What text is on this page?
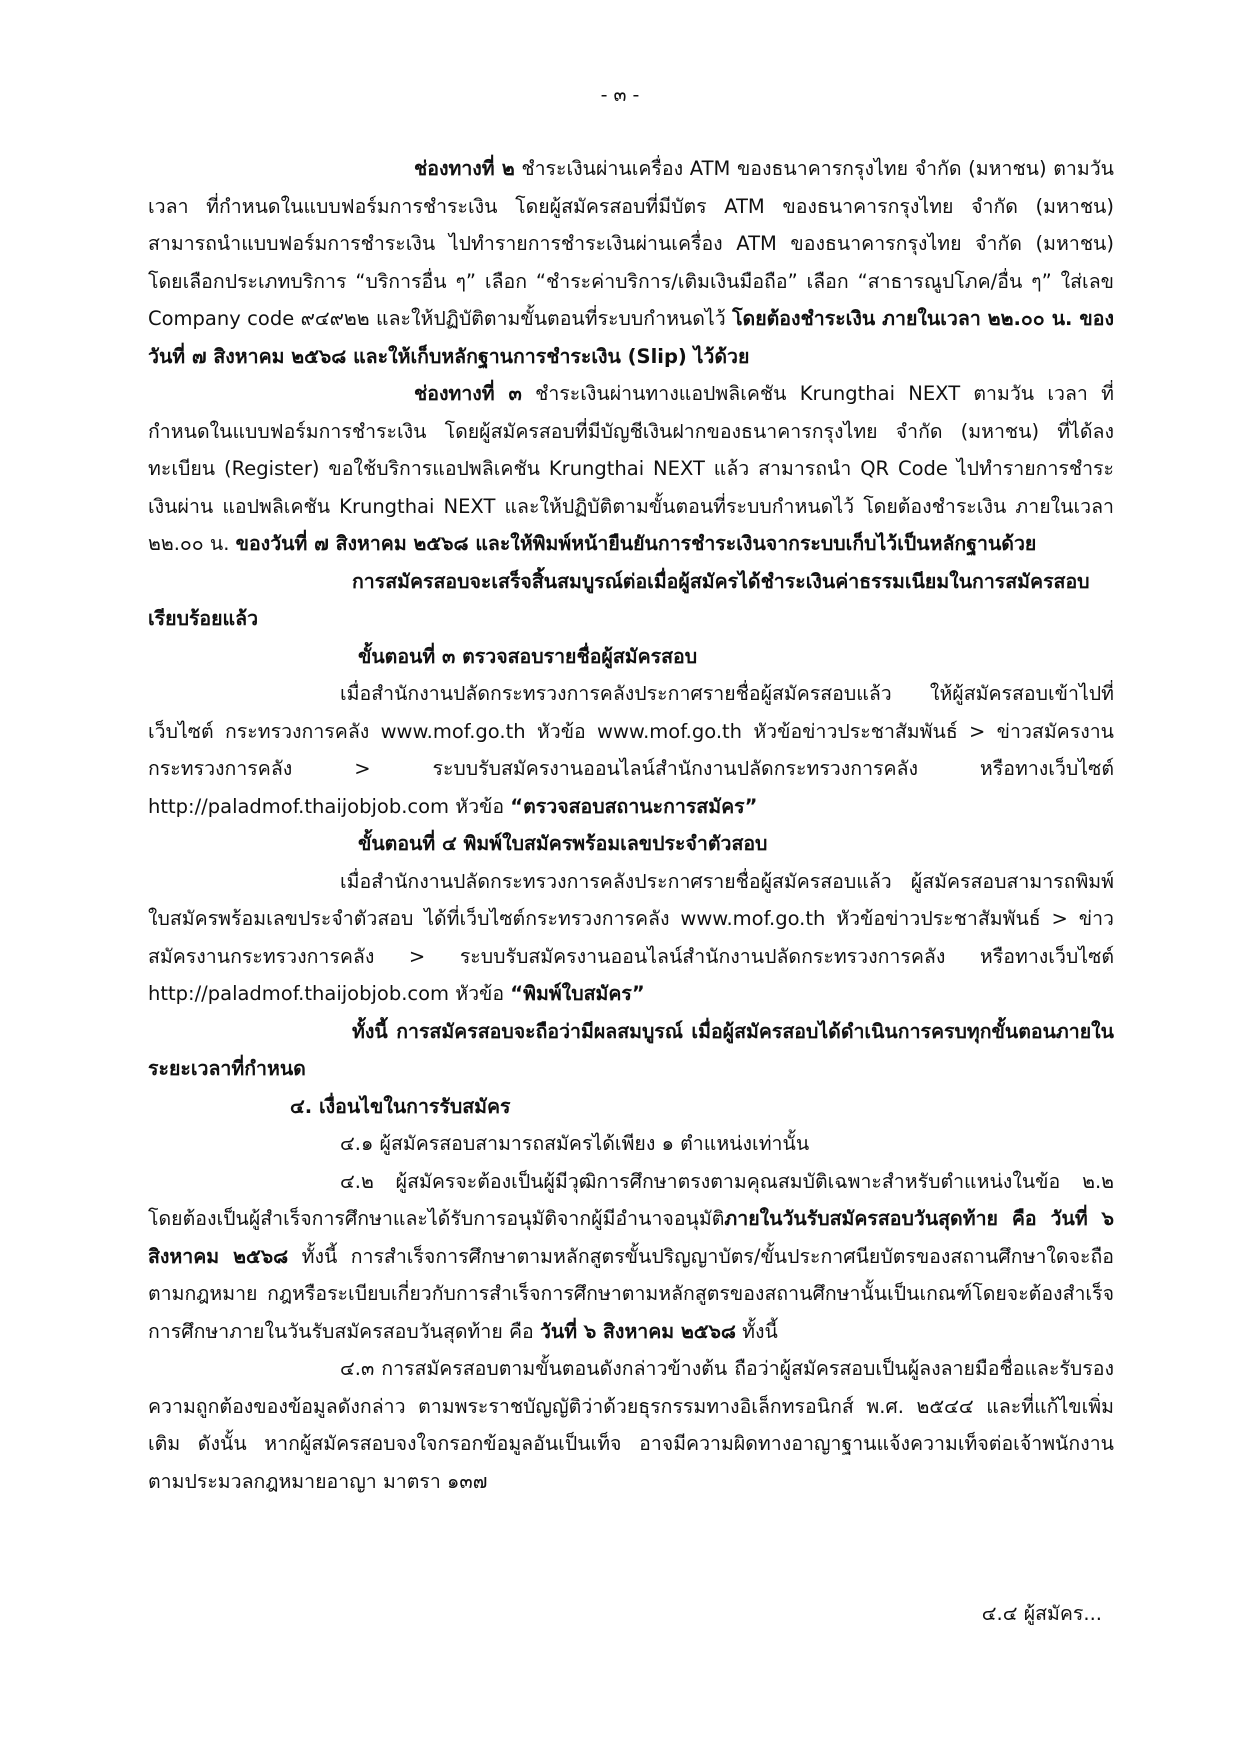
- ๓ -

ช่องทางที่ ๒ ชำระเงินผ่านเครื่อง ATM ของธนาคารกรุงไทย จำกัด (มหาชน) ตามวัน เวลา ที่กำหนดในแบบฟอร์มการชำระเงิน โดยผู้สมัครสอบที่มีบัตร ATM ของธนาคารกรุงไทย จำกัด (มหาชน) สามารถนำแบบฟอร์มการชำระเงิน ไปทำรายการชำระเงินผ่านเครื่อง ATM ของธนาคารกรุงไทย จำกัด (มหาชน) โดยเลือกประเภทบริการ “บริการอื่น ๆ” เลือก “ชำระค่าบริการ/เติมเงินมือถือ” เลือก “สาธารณูปโภค/อื่น ๆ” ใส่เลข Company code ๙๔๙๒๒ และให้ปฏิบัติตามขั้นตอนที่ระบบกำหนดไว้ โดยต้องชำระเงิน ภายในเวลา ๒๒.๐๐ น. ของวันที่ ๗ สิงหาคม ๒๕๖๘ และให้เก็บหลักฐานการชำระเงิน (Slip) ไว้ด้วย

ช่องทางที่ ๓ ชำระเงินผ่านทางแอปพลิเคชัน Krungthai NEXT ตามวัน เวลา ที่กำหนดในแบบฟอร์มการชำระเงิน โดยผู้สมัครสอบที่มีบัญชีเงินฝากของธนาคารกรุงไทย จำกัด (มหาชน) ที่ได้ลงทะเบียน (Register) ขอใช้บริการแอปพลิเคชัน Krungthai NEXT แล้ว สามารถนำ QR Code ไปทำรายการชำระเงินผ่าน แอปพลิเคชัน Krungthai NEXT และให้ปฏิบัติตามขั้นตอนที่ระบบกำหนดไว้ โดยต้องชำระเงิน ภายในเวลา ๒๒.๐๐ น. ของวันที่ ๗ สิงหาคม ๒๕๖๘ และให้พิมพ์หน้ายืนยันการชำระเงินจากระบบเก็บไว้เป็นหลักฐานด้วย

การสมัครสอบจะเสร็จสิ้นสมบูรณ์ต่อเมื่อผู้สมัครได้ชำระเงินค่าธรรมเนียมในการสมัครสอบเรียบร้อยแล้ว

ขั้นตอนที่ ๓ ตรวจสอบรายชื่อผู้สมัครสอบ

เมื่อสำนักงานปลัดกระทรวงการคลังประกาศรายชื่อผู้สมัครสอบแล้ว ให้ผู้สมัครสอบเข้าไปที่เว็บไซต์ กระทรวงการคลัง www.mof.go.th หัวข้อ www.mof.go.th หัวข้อข่าวประชาสัมพันธ์ > ข่าวสมัครงานกระทรวงการคลัง > ระบบรับสมัครงานออนไลน์สำนักงานปลัดกระทรวงการคลัง หรือทางเว็บไซต์ http://paladmof.thaijobjob.com หัวข้อ “ตรวจสอบสถานะการสมัคร”

ขั้นตอนที่ ๔ พิมพ์ใบสมัครพร้อมเลขประจำตัวสอบ

เมื่อสำนักงานปลัดกระทรวงการคลังประกาศรายชื่อผู้สมัครสอบแล้ว ผู้สมัครสอบสามารถพิมพ์ใบสมัครพร้อมเลขประจำตัวสอบ ได้ที่เว็บไซต์กระทรวงการคลัง www.mof.go.th หัวข้อข่าวประชาสัมพันธ์ > ข่าวสมัครงานกระทรวงการคลัง > ระบบรับสมัครงานออนไลน์สำนักงานปลัดกระทรวงการคลัง หรือทางเว็บไซต์ http://paladmof.thaijobjob.com หัวข้อ “พิมพ์ใบสมัคร”

ทั้งนี้ การสมัครสอบจะถือว่ามีผลสมบูรณ์ เมื่อผู้สมัครสอบได้ดำเนินการครบทุกขั้นตอนภายในระยะเวลาที่กำหนด

๔. เงื่อนไขในการรับสมัคร

๔.๑ ผู้สมัครสอบสามารถสมัครได้เพียง ๑ ตำแหน่งเท่านั้น

๔.๒ ผู้สมัครจะต้องเป็นผู้มีวุฒิการศึกษาตรงตามคุณสมบัติเฉพาะสำหรับตำแหน่งในข้อ ๒.๒ โดยต้องเป็นผู้สำเร็จการศึกษาและได้รับการอนุมัติจากผู้มีอำนาจอนุมัติภายในวันรับสมัครสอบวันสุดท้าย คือ วันที่ ๖ สิงหาคม ๒๕๖๘ ทั้งนี้ การสำเร็จการศึกษาตามหลักสูตรขั้นปริญญาบัตร/ขั้นประกาศนียบัตรของสถานศึกษาใดจะถือตามกฎหมาย กฎหรือระเบียบเกี่ยวกับการสำเร็จการศึกษาตามหลักสูตรของสถานศึกษานั้นเป็นเกณฑ์โดยจะต้องสำเร็จการศึกษาภายในวันรับสมัครสอบวันสุดท้าย คือ วันที่ ๖ สิงหาคม ๒๕๖๘ ทั้งนี้

๔.๓ การสมัครสอบตามขั้นตอนดังกล่าวข้างต้น ถือว่าผู้สมัครสอบเป็นผู้ลงลายมือชื่อและรับรองความถูกต้องของข้อมูลดังกล่าว ตามพระราชบัญญัติว่าด้วยธุรกรรมทางอิเล็กทรอนิกส์ พ.ศ. ๒๕๔๔ และที่แก้ไขเพิ่มเติม ดังนั้น หากผู้สมัครสอบจงใจกรอกข้อมูลอันเป็นเท็จ อาจมีความผิดทางอาญาฐานแจ้งความเท็จต่อเจ้าพนักงานตามประมวลกฎหมายอาญา มาตรา ๑๓๗

๔.๔ ผู้สมัคร...
